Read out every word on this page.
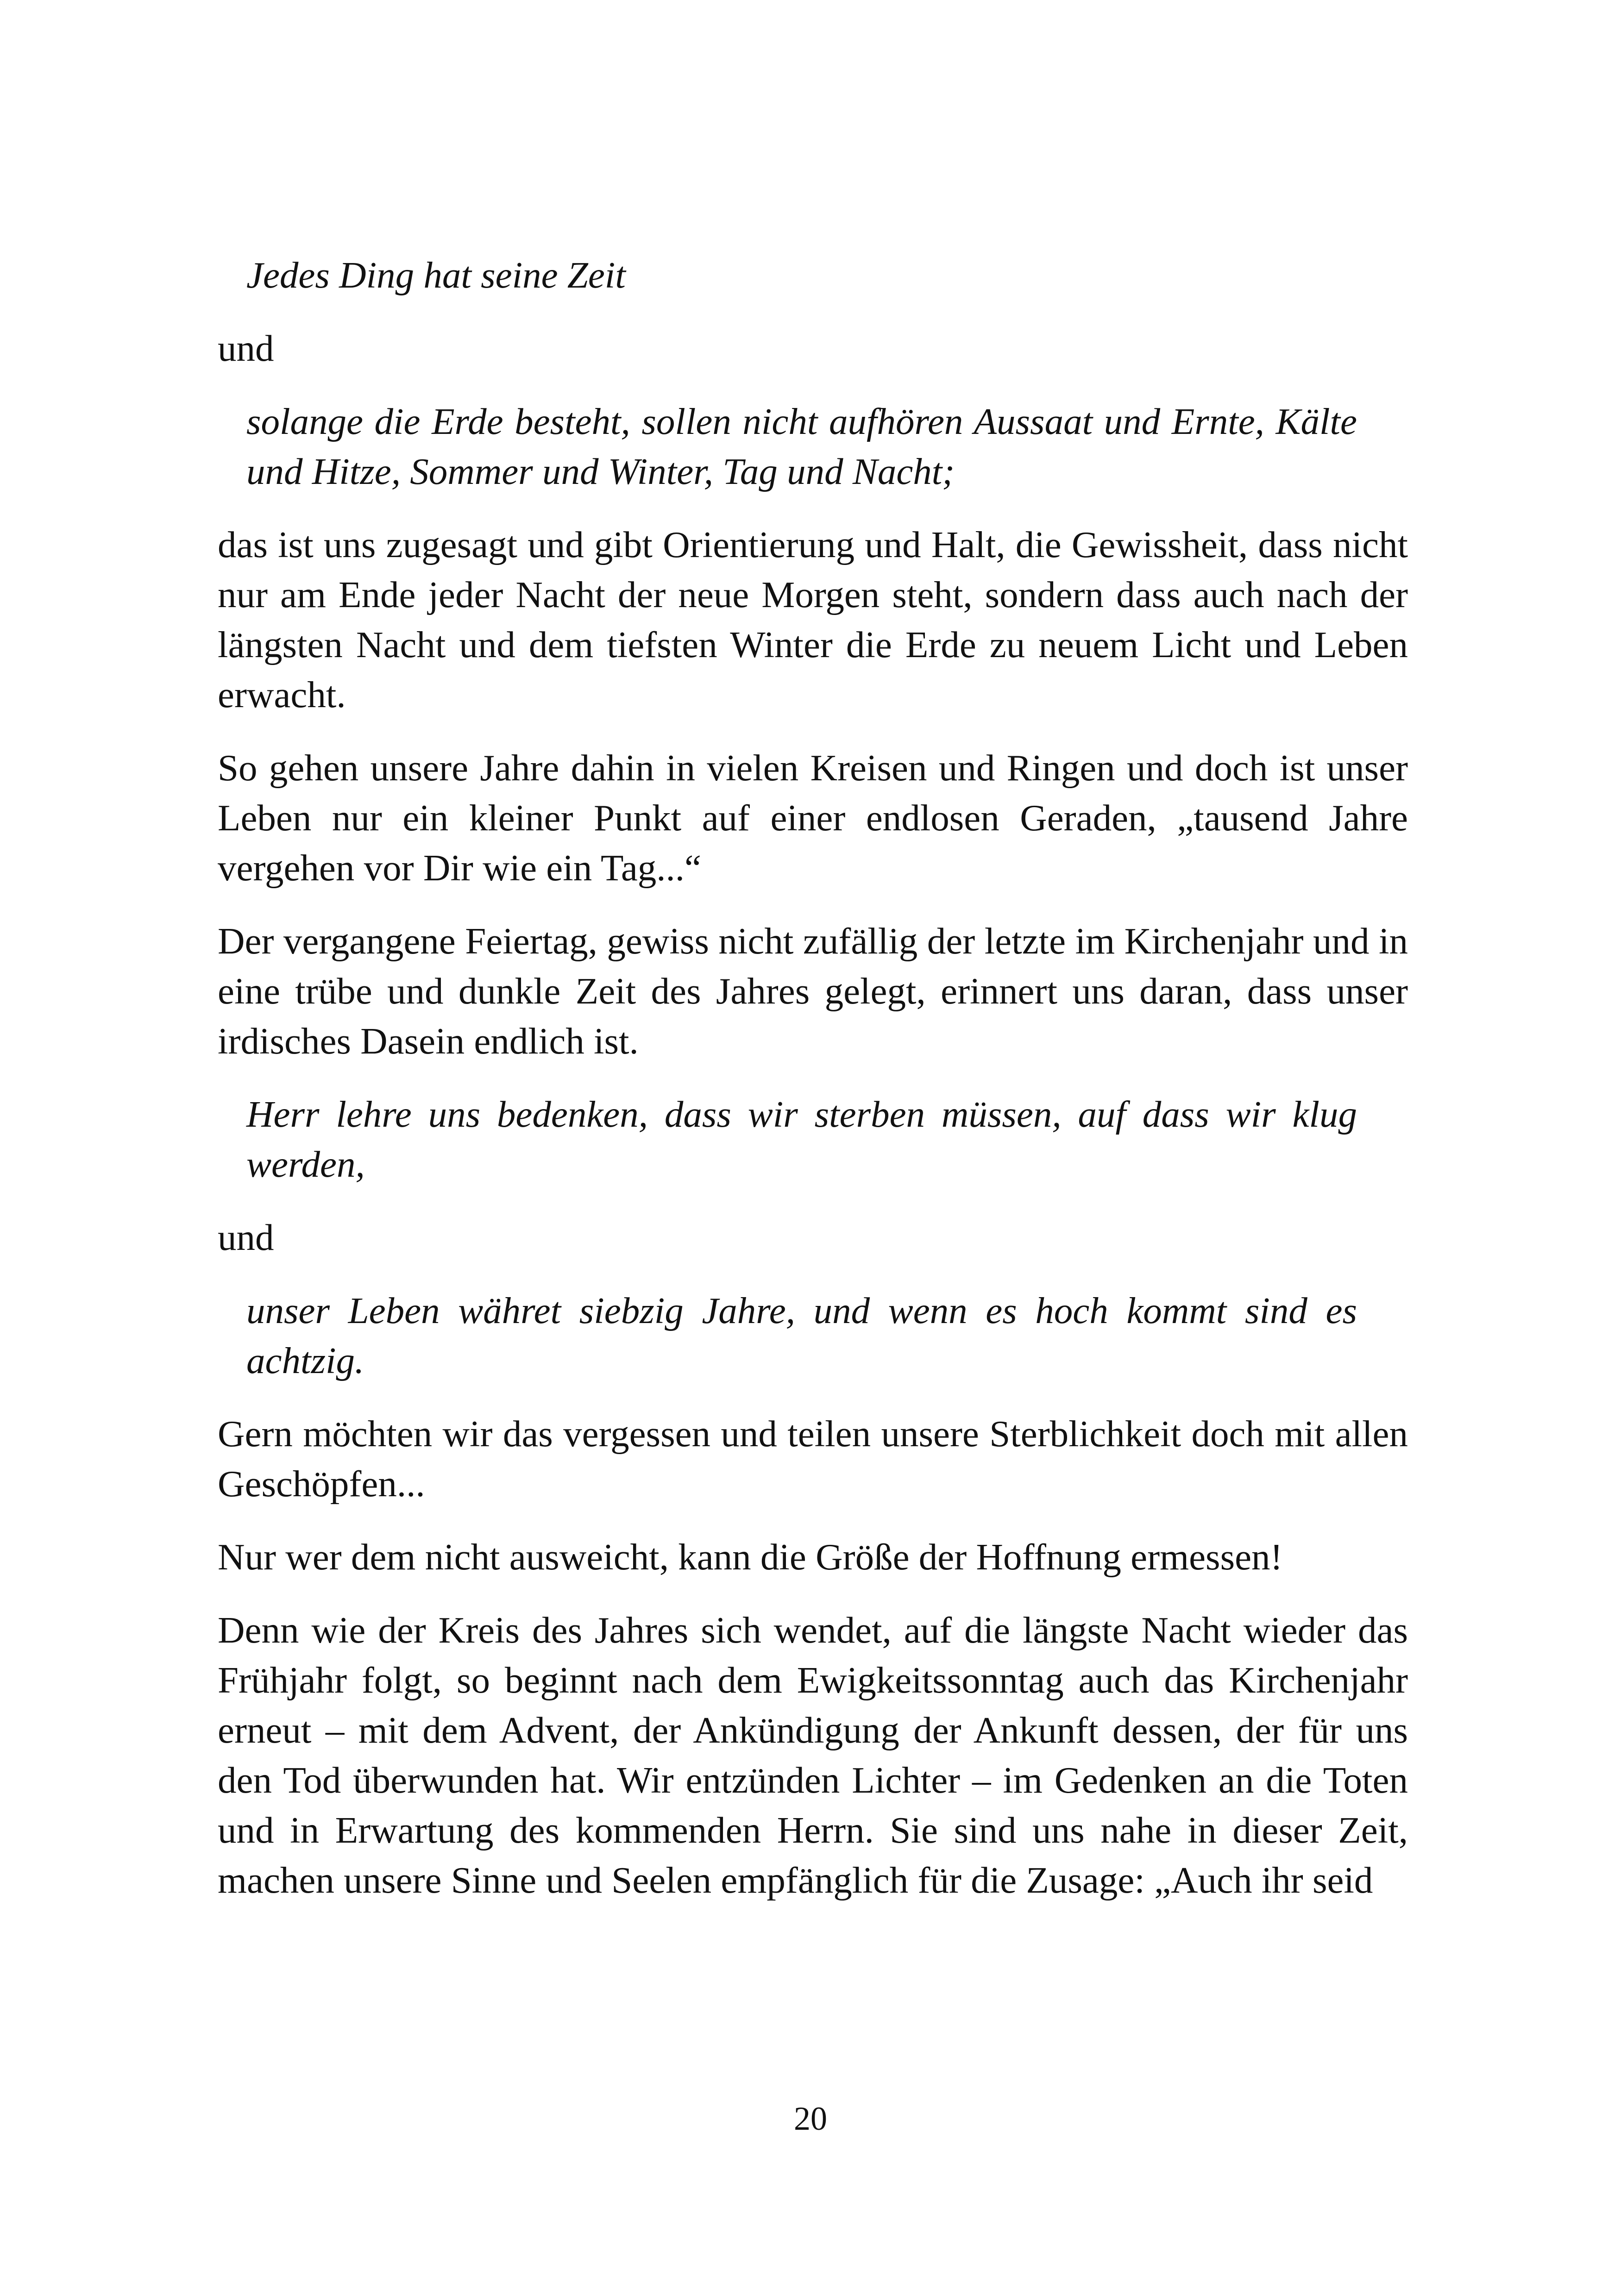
Jedes Ding hat seine Zeit
und
solange die Erde besteht, sollen nicht aufhören Aussaat und Ernte, Kälte und Hitze, Sommer und Winter, Tag und Nacht;

das ist uns zugesagt und gibt Orientierung und Halt, die Gewissheit, dass nicht nur am Ende jeder Nacht der neue Morgen steht, sondern dass auch nach der längsten Nacht und dem tiefsten Winter die Erde zu neuem Licht und Leben erwacht.

So gehen unsere Jahre dahin in vielen Kreisen und Ringen und doch ist unser Leben nur ein kleiner Punkt auf einer endlosen Geraden, „tausend Jahre vergehen vor Dir wie ein Tag...“

Der vergangene Feiertag, gewiss nicht zufällig der letzte im Kirchenjahr und in eine trübe und dunkle Zeit des Jahres gelegt, erinnert uns daran, dass unser irdisches Dasein endlich ist.

Herr lehre uns bedenken, dass wir sterben müssen, auf dass wir klug werden,
und
unser Leben währet siebzig Jahre, und wenn es hoch kommt sind es achtzig.

Gern möchten wir das vergessen und teilen unsere Sterblichkeit doch mit allen Geschöpfen...

Nur wer dem nicht ausweicht, kann die Größe der Hoffnung ermessen!

Denn wie der Kreis des Jahres sich wendet, auf die längste Nacht wieder das Frühjahr folgt, so beginnt nach dem Ewigkeitssonntag auch das Kirchenjahr erneut – mit dem Advent, der Ankündigung der Ankunft dessen, der für uns den Tod überwunden hat. Wir entzünden Lichter – im Gedenken an die Toten und in Erwartung des kommenden Herrn. Sie sind uns nahe in dieser Zeit, machen unsere Sinne und Seelen empfänglich für die Zusage: „Auch ihr seid

20
